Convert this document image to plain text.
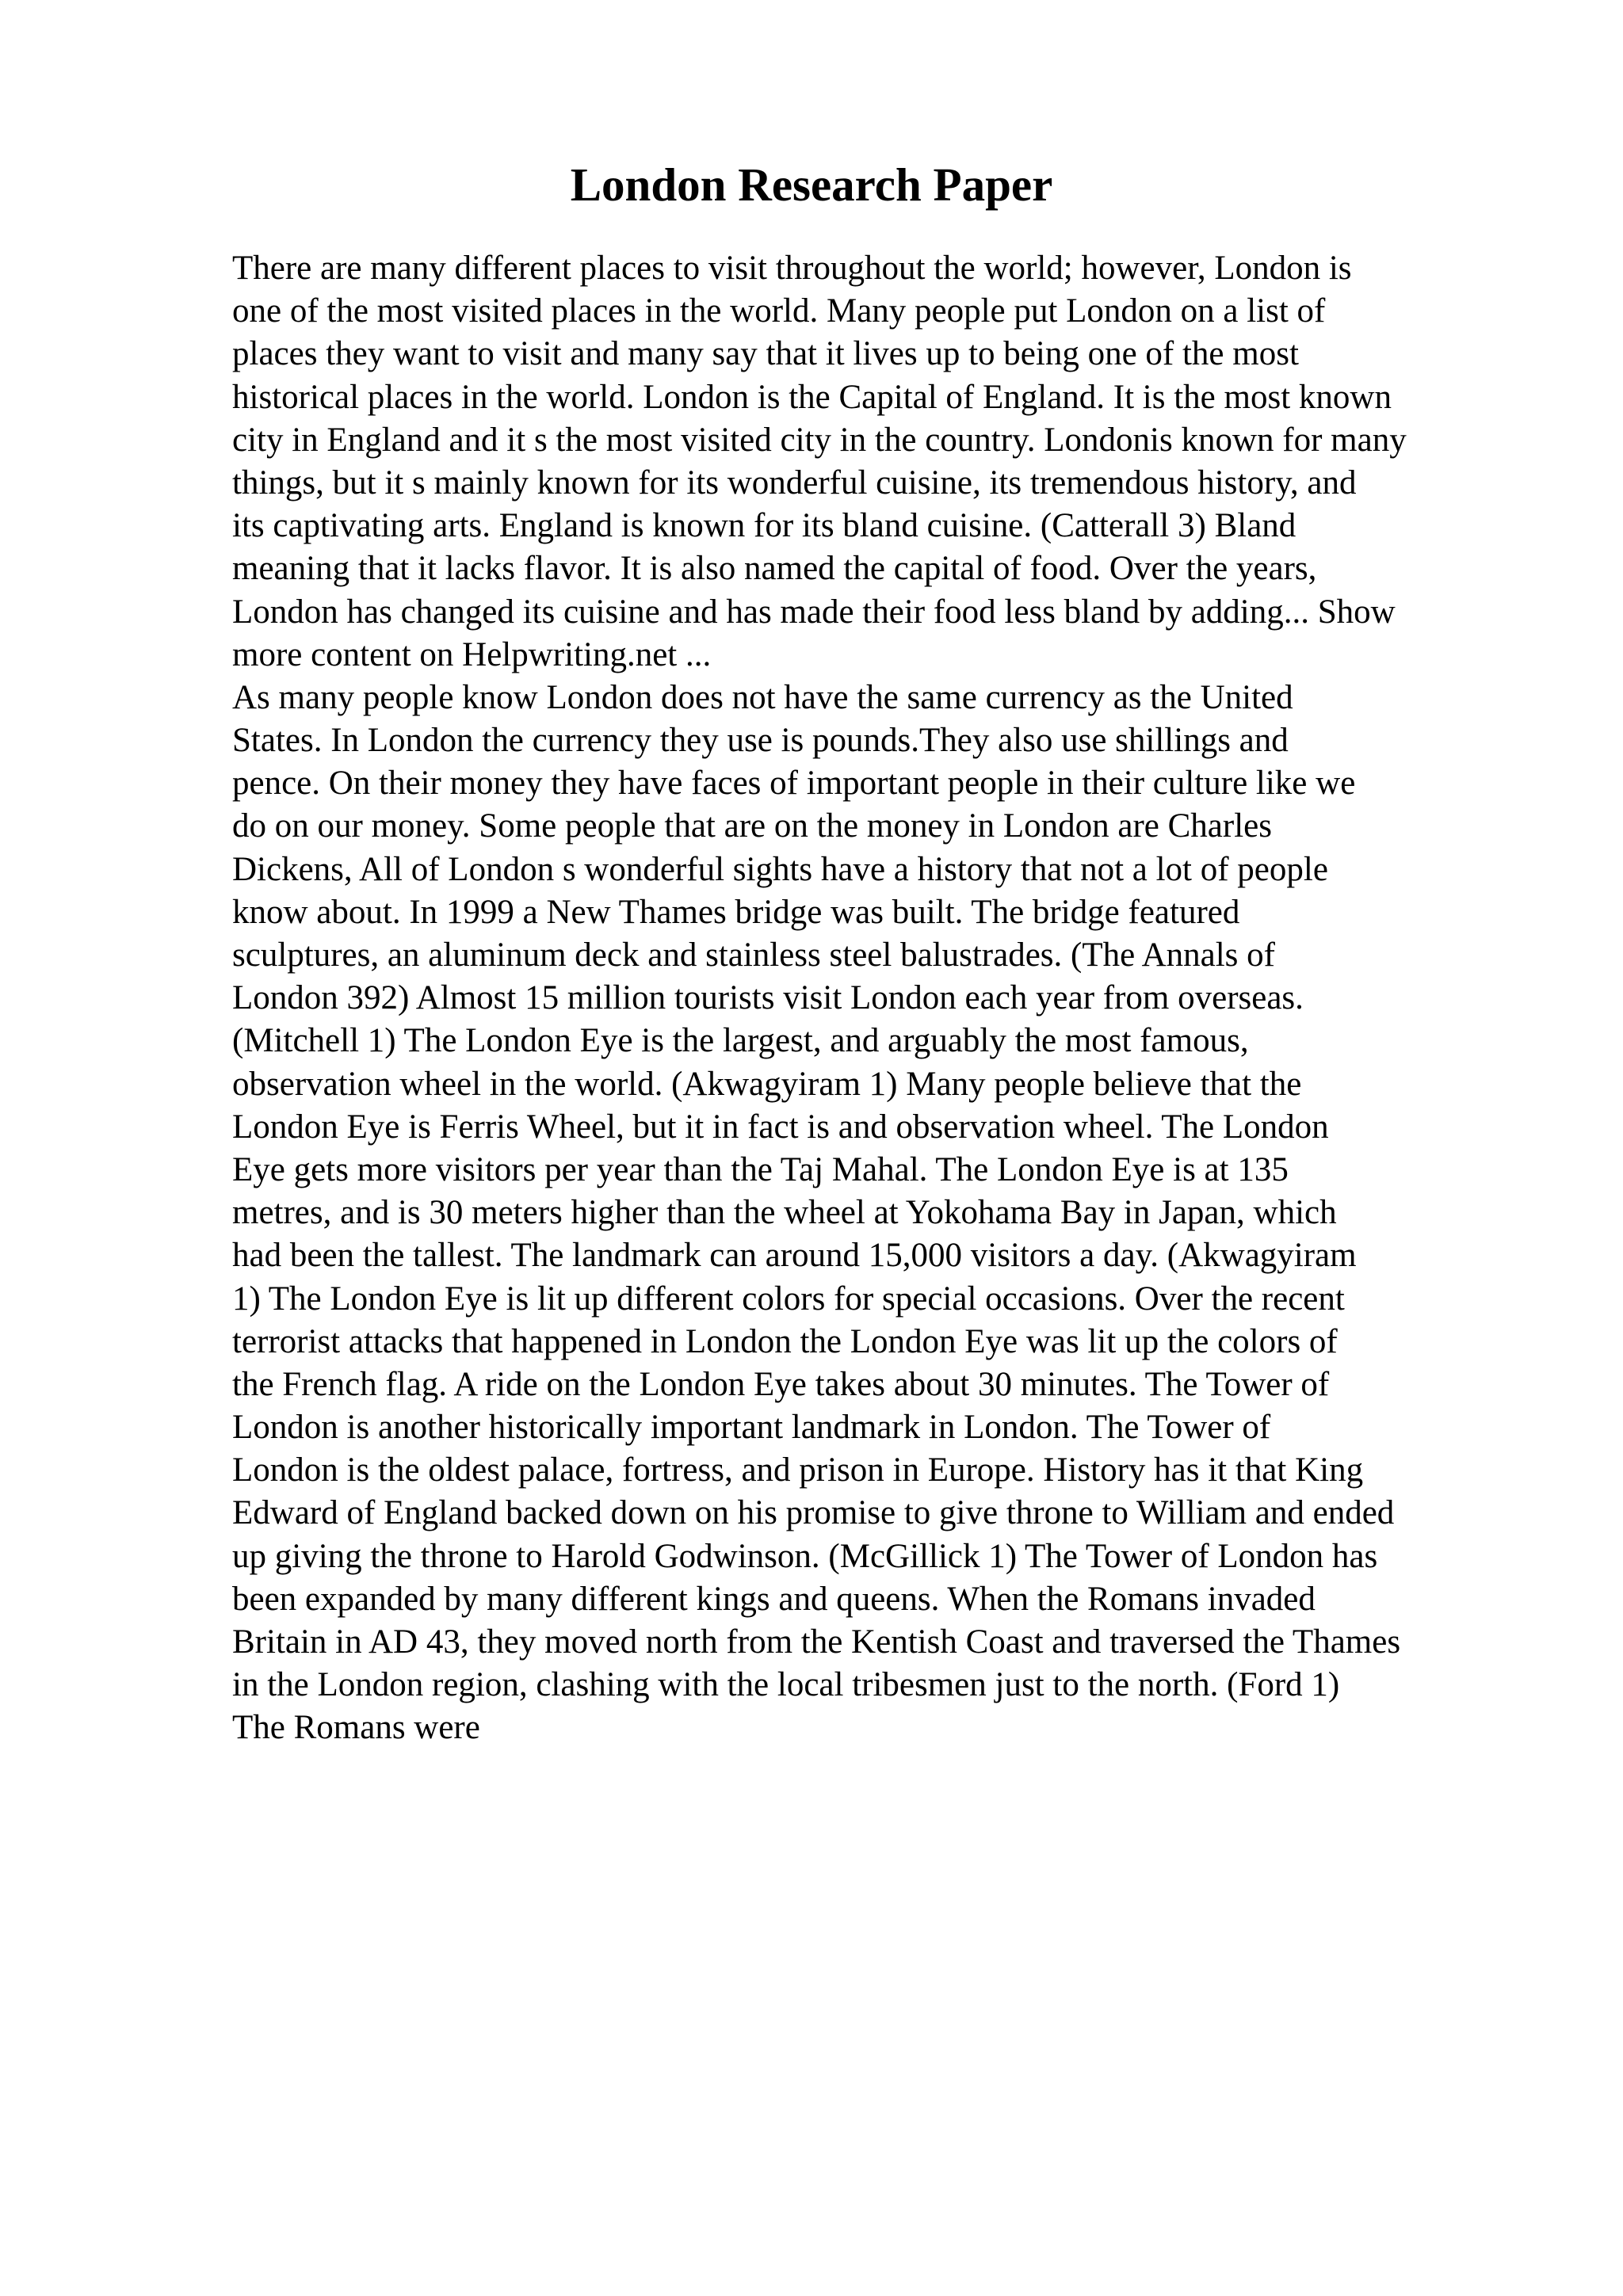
London Research Paper
There are many different places to visit throughout the world; however, London is
one of the most visited places in the world. Many people put London on a list of
places they want to visit and many say that it lives up to being one of the most
historical places in the world. London is the Capital of England. It is the most known
city in England and it s the most visited city in the country. Londonis known for many
things, but it s mainly known for its wonderful cuisine, its tremendous history, and
its captivating arts. England is known for its bland cuisine. (Catterall 3) Bland
meaning that it lacks flavor. It is also named the capital of food. Over the years,
London has changed its cuisine and has made their food less bland by adding... Show
more content on Helpwriting.net ...
As many people know London does not have the same currency as the United
States. In London the currency they use is pounds.They also use shillings and
pence. On their money they have faces of important people in their culture like we
do on our money. Some people that are on the money in London are Charles
Dickens, All of London s wonderful sights have a history that not a lot of people
know about. In 1999 a New Thames bridge was built. The bridge featured
sculptures, an aluminum deck and stainless steel balustrades. (The Annals of
London 392) Almost 15 million tourists visit London each year from overseas.
(Mitchell 1) The London Eye is the largest, and arguably the most famous,
observation wheel in the world. (Akwagyiram 1) Many people believe that the
London Eye is Ferris Wheel, but it in fact is and observation wheel. The London
Eye gets more visitors per year than the Taj Mahal. The London Eye is at 135
metres, and is 30 meters higher than the wheel at Yokohama Bay in Japan, which
had been the tallest. The landmark can around 15,000 visitors a day. (Akwagyiram
1) The London Eye is lit up different colors for special occasions. Over the recent
terrorist attacks that happened in London the London Eye was lit up the colors of
the French flag. A ride on the London Eye takes about 30 minutes. The Tower of
London is another historically important landmark in London. The Tower of
London is the oldest palace, fortress, and prison in Europe. History has it that King
Edward of England backed down on his promise to give throne to William and ended
up giving the throne to Harold Godwinson. (McGillick 1) The Tower of London has
been expanded by many different kings and queens. When the Romans invaded
Britain in AD 43, they moved north from the Kentish Coast and traversed the Thames
in the London region, clashing with the local tribesmen just to the north. (Ford 1)
The Romans were
